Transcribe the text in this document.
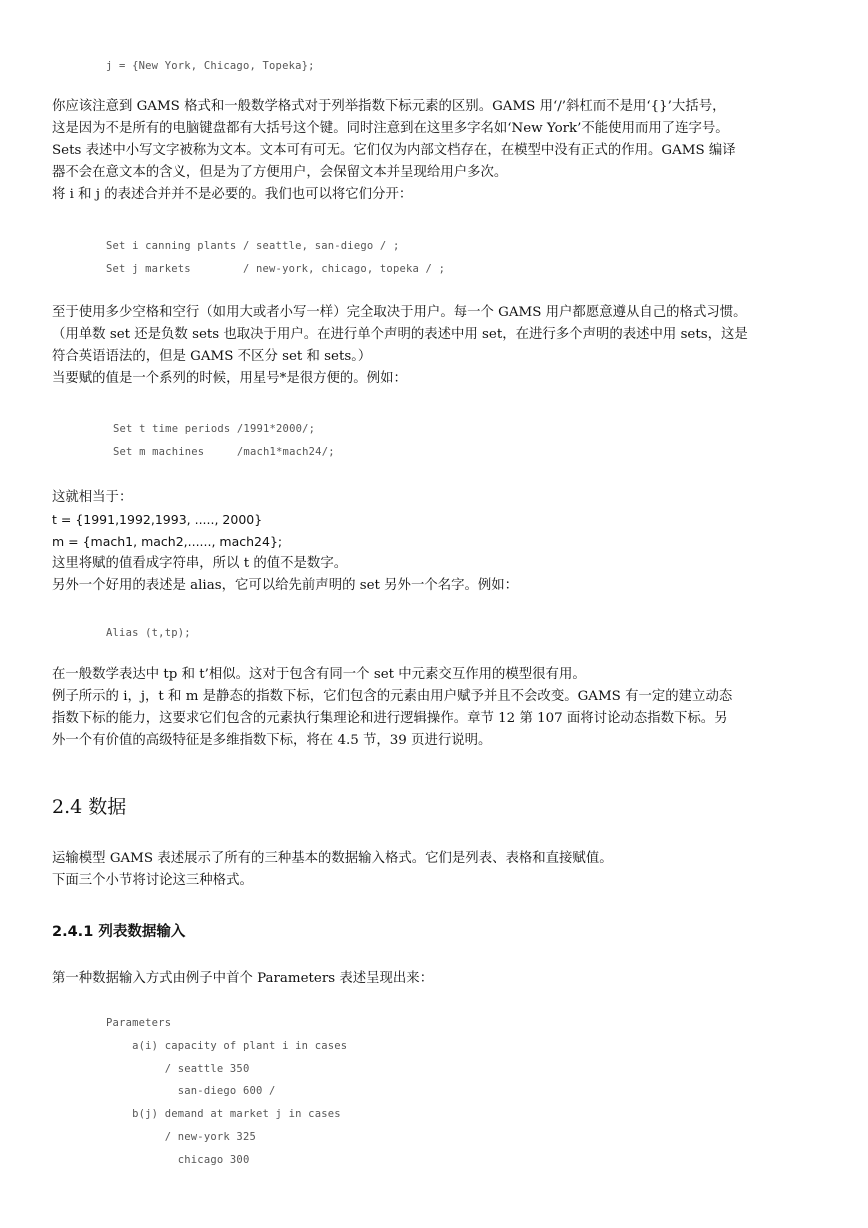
j = {New York, Chicago, Topeka};

你应该注意到 GAMS 格式和一般数学格式对于列举指数下标元素的区别。GAMS 用‘/’斜杠而不是用‘{}’大括号，

这是因为不是所有的电脑键盘都有大括号这个键。同时注意到在这里多字名如‘New York’不能使用而用了连字号。

Sets 表述中小写文字被称为文本。文本可有可无。它们仅为内部文档存在，在模型中没有正式的作用。GAMS 编译

器不会在意文本的含义，但是为了方便用户，会保留文本并呈现给用户多次。

将 i 和 j 的表述合并并不是必要的。我们也可以将它们分开：

Set i canning plants / seattle, san-diego / ;
Set j markets        / new-york, chicago, topeka / ;

至于使用多少空格和空行（如用大或者小写一样）完全取决于用户。每一个 GAMS 用户都愿意遵从自己的格式习惯。

（用单数 set 还是负数 sets 也取决于用户。在进行单个声明的表述中用 set，在进行多个声明的表述中用 sets，这是

符合英语语法的，但是 GAMS 不区分 set 和 sets。）

当要赋的值是一个系列的时候，用星号*是很方便的。例如：

Set t time periods /1991*2000/;
Set m machines     /mach1*mach24/;

这就相当于：

t = {1991,1992,1993, ....., 2000}

m = {mach1, mach2,......, mach24};

这里将赋的值看成字符串，所以 t 的值不是数字。

另外一个好用的表述是 alias，它可以给先前声明的 set 另外一个名字。例如：

Alias (t,tp);

在一般数学表达中 tp 和 t’相似。这对于包含有同一个 set 中元素交互作用的模型很有用。

例子所示的 i，j，t 和 m 是静态的指数下标，它们包含的元素由用户赋予并且不会改变。GAMS 有一定的建立动态

指数下标的能力，这要求它们包含的元素执行集理论和进行逻辑操作。章节 12 第 107 面将讨论动态指数下标。另

外一个有价值的高级特征是多维指数下标，将在 4.5 节，39 页进行说明。

2.4 数据

运输模型 GAMS 表述展示了所有的三种基本的数据输入格式。它们是列表、表格和直接赋值。

下面三个小节将讨论这三种格式。

2.4.1 列表数据输入

第一种数据输入方式由例子中首个 Parameters 表述呈现出来：

Parameters
a(i) capacity of plant i in cases
/ seattle 350
san-diego 600 /
b(j) demand at market j in cases
/ new-york 325
chicago 300
